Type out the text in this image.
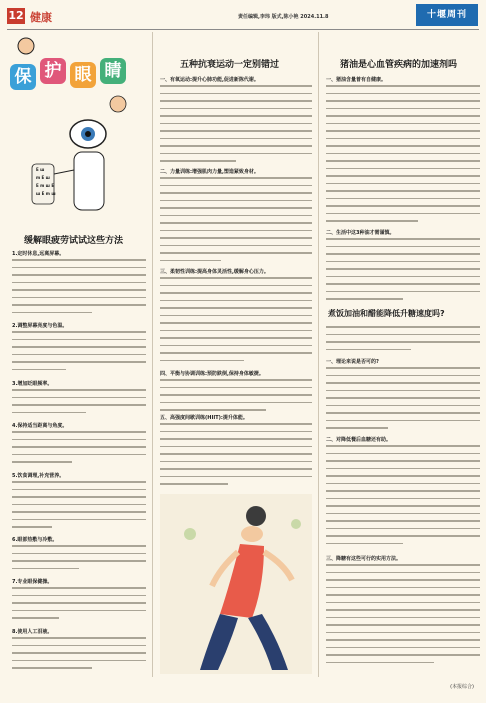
12 健康	责任编辑,李玮 版式,陈小艳 2024.11.8	十堰周刊
保 护 眼 睛
E ш
m E ш
E m ш E
ш E m ш
缓解眼疲劳试试这些方法
1.定时休息,远离屏幕。
2.调整屏幕亮度与色温。
3.增加眨眼频率。
4.保持适当距离与角度。
5.饮食调理,补充营养。
6.眼部热敷与冷敷。
7.专业眼保健操。
8.使用人工泪液。
五种抗衰运动一定别错过
一、有氧运动:提升心肺功能,促进新陈代谢。
二、力量训练:增强肌肉力量,塑造紧致身材。
三、柔韧性训练:提高身体灵活性,缓解身心压力。
四、平衡与协调训练:预防跌倒,保持身体敏捷。
五、高强度间歇训练(HIIT):提升体能。
猪油是心血管疾病的加速剂吗
一、猪油含量普有自健康。
二、生活中这3种油才需谨慎。
煮饭加油和醋能降低升糖速度吗?
一、理论来说是否可的?
二、对降低餐后血糖还有助。
三、降糖有这些可行的实用方法。
(本报综合)
